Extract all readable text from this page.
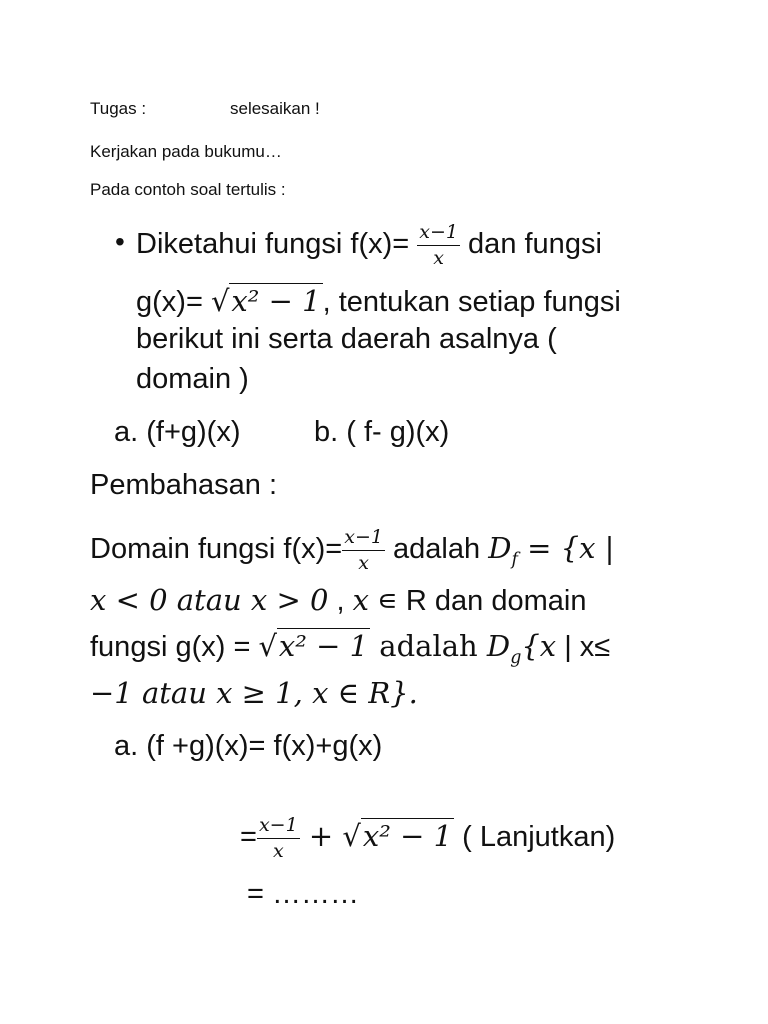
Tugas :	selesaikan !
Kerjakan pada bukumu…
Pada contoh soal tertulis :
• Diketahui fungsi $f(x)= \frac{x-1}{x}$ dan fungsi
g(x)= √x² − 1, tentukan setiap fungsi
berikut ini serta daerah asalnya (
domain )
a. (f+g)(x)	b. ( f- g)(x)
Pembahasan :
Domain fungsi $f(x)= \frac{x-1}{x}$ adalah $D_f = \{x$ |
x < 0 atau x > 0 , x ∊ R dan domain
fungsi g(x) = √x² − 1 adalah $D_g\{x$ | x≤
−1 atau x ≥ 1, x ∈ R}.
a. (f +g)(x)= f(x)+g(x)
= $\frac{x-1}{x} + √x^2 - 1$ ( Lanjutkan)
= ………
